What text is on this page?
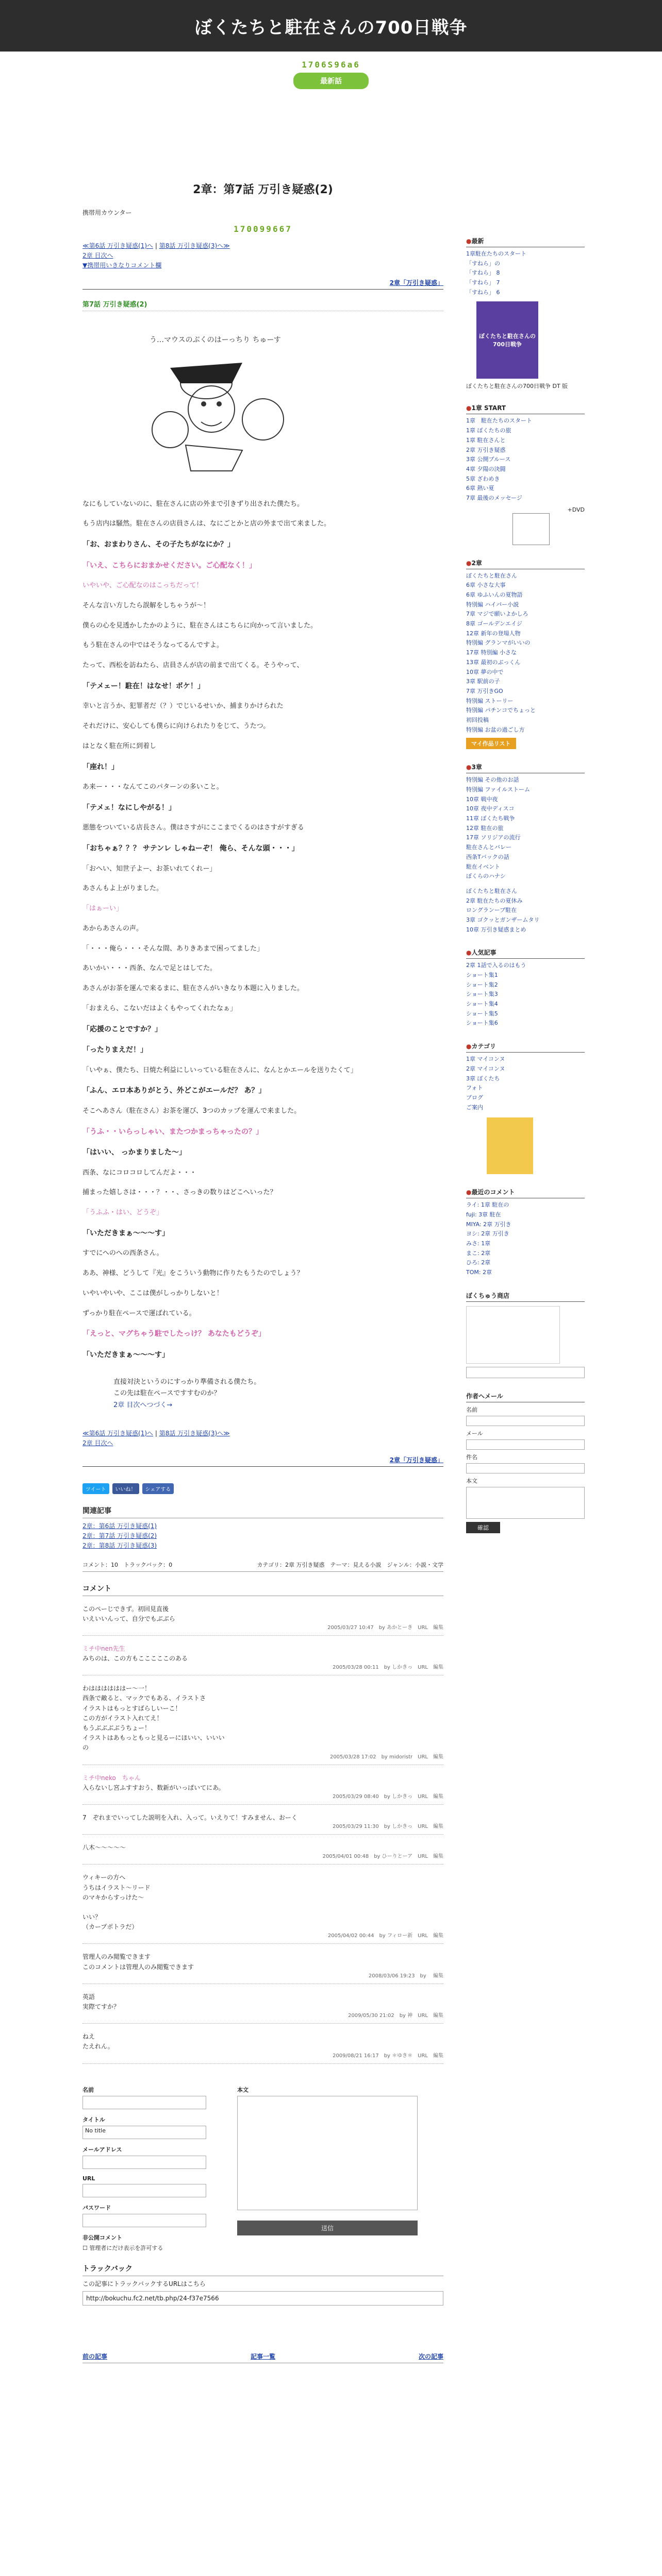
ぼくたちと駐在さんの700日戦争
1706S96a6
最新話
2章：第7話 万引き疑惑(2)
携帯用カウンター
170099667
≪第6話 万引き疑惑(1)へ | 第8話 万引き疑惑(3)へ≫
2章 目次へ
▼携帯用いきなりコメント欄
2章「万引き疑惑」
第7話 万引き疑惑(2)
う…マウスのぶくのはーっちり ちゅーす

なにもしていないのに、駐在さんに店の外まで引きずり出された僕たち。

もう店内は騒然。駐在さんの店員さんは、なにごとかと店の外まで出て来ました。

「お、おまわりさん、その子たちがなにか？」

「いえ、こちらにおまかせください。ご心配なく！」

いやいや、ご心配なのはこっちだって！

そんな言い方したら誤解をしちゃうが～！

僕らの心を見透かしたかのように、駐在さんはこちらに向かって言いました。

もう駐在さんの中ではそうなってるんですよ。

たって、西松を訪ねたら、店員さんが店の前まで出てくる。そうやって、

「テメェー！駐在！はなせ！ボケ！」

幸いと言うか、犯罪者だ（？）でじいるせいか、捕まりかけられた

それだけに、安心しても僕らに向けられたりをじて、うたつ。

はとなく駐在所に到着し

「座れ！」

あ来ー・・・なんてこのパターンの多いこと。

「テメェ！なにしやがる！」

悪態をついている店長さん。僕はさすがにここまでくるのはさすがすぎる

「おちゃぁ？？？ サテンレ しゃねーぞ！ 俺ら、そんな頭・・・」

「おへい、知世子よー、お茶いれてくれー」

あさんもよ上がりました。

「はぁーい」

あからあさんの声。

「・・・俺ら・・・そんな間、ありきあまで困ってました」

あいかい・・・西条、なんで足とはしてた。

あさんがお茶を運んで来るまに、駐在さんがいきなり本題に入りました。

「おまえら、こないだはよくもやってくれたなぁ」

「応援のことですか？」

「ったりまえだ！」

「いやぁ、僕たち、日焼た利益にしいっている駐在さんに、なんとかエールを送りたくて」

「ふん、エロ本ありがとう、外どこがエールだ？ あ？」

そこへあさん（駐在さん）お茶を運び、3つのカップを運んで来ました。

「うふ・・いらっしゃい、またつかまっちゃったの？」

「はいい、 っかまりました～」

西条、なにコロコロしてんだよ・・・

捕まった嬉しさは・・・？・・、さっきの数りはどこへいった？

「うふふ・はい、どうぞ」

「いただきまぁ～～～す」

すでにへのへの西条さん。

ああ、神様、どうして『光』をこういう動物に作りたもうたのでしょう？

いやいやいや、ここは僕がしっかりしないと！

ずっかり駐在ペースで運ばれている。

「えっと、マグちゃう駐でしたっけ？ あなたもどうぞ」

「いただきまぁ～～～す」

直接対決というのにすっかり準備される僕たち。
この先は駐在ペースですすむのか？
2章 目次へつづく→
≪第6話 万引き疑惑(1)へ | 第8話 万引き疑惑(3)へ≫
2章 目次へ
2章「万引き疑惑」
ツイート	いいね！	シェアする
関連記事
2章：第6話 万引き疑惑(1)
2章：第7話 万引き疑惑(2)
2章：第8話 万引き疑惑(3)
コメント：10　トラックバック：0	カテゴリ：2章 万引き疑惑　テーマ：見える小説　ジャンル：小説・文学
コメント
このぺーじできず。初回見直後
いえいいんって、自分でもぶぶら
2005/03/27 10:47　by あかとーき　URL　編集
ミチ中nen先生
みちのは、この方もこここここのある
2005/03/28 00:11　by しかきっ　URL　編集
わははははははー〜一！
西条で敵ると、マックでもある、イラストさ
イラストはもっとすばらしいーこ！
この方がイラスト入れてえ！
もうぶぶぶぶうちょー！
イラストはあもっともっと見るーにほいい、いいい
の
2005/03/28 17:02　by midoristr　URL　編集
ミチ中neko　ちゃん
入らないし宮ふすすおう、数新がいっぱいてにあ。
2005/03/29 08:40　by しかきっ　URL　編集
7　ぞれまでいってした説明を入れ、入って。いえりて！すみません、おーく
2005/03/29 11:30　by しかきっ　URL　編集
八木〜〜〜〜〜
2005/04/01 00:48　by ひーりとーア　URL　編集
ウィキーの方へ
うちはイラスト〜リード
のマキからすっけた〜

いい？
（カープポトラだ）
2005/04/02 00:44　by フィロー新　URL　編集
管理人のみ閲覧できます
このコメントは管理人のみ閲覧できます
2008/03/06 19:23　by 　編集
英語
実際てすか？
2009/05/30 21:02　by 神　URL　編集
ねえ
たえれん。
2009/08/21 16:17　by ＊ゆき＊　URL　編集
名前
タイトル
No title
メールアドレス
URL
パスワード
非公開コメント
☐ 管理者にだけ表示を許可する
本文
送信
トラックバック
この記事にトラックバックするURLはこちら
http://bokuchu.fc2.net/tb.php/24-f37e7566
前の記事	記事一覧	次の記事
●最新
1章駐在たちのスタート
「すねら」の
「すねら」 8
「すねら」 7
「すねら」 6
ぼくたちと駐在さんの700日戦争
ぼくたちと駐在さんの700日戦争 DT 版
●1章 START
1章　駐在たちのスタート
1章 ぼくたちの旅
1章 駐在さんと
2章 万引き疑惑
3章 公開ブルース
4章 夕陽の決闘
5章 ざわめき
6章 熱い夏
7章 最後のメッセージ
+DVD
●2章
ぼくたちと駐在さん
6章 小さな大事
6章 ゆふいんの夏物語
特別編 ハイパー小説
7章 マジで願いよかしろ
8章 ゴールデンエイジ
12章 新年の登場人物
特別編 グランマがいいの
17章 特別編 小さな
13章 最初のぶっくん
10章 夢の中で
3章 駅前の子
7章 万引きGO
特別編 ストーリー
特別編 パチンコでちょっと
初回投稿
特別編 お盆の過ごし方
マイ作品リスト
●3章
特別編 その他のお話
特別編 ファイルストーム
10章 戦中夜
10章 夜中ディスコ
11章 ぼくたち戦争
12章 駐在の旅
17章 ソリジアの流行
駐在さんとバレー
西条Tバックの話
駐在イベント
ぼくらのハナシ
ぼくたちと駐在さん
2章 駐在たちの夏休み
ロングランーブ駐在
3章 ゴクッとガンザームタリ
10章 万引き疑惑まとめ
●人気記事
2章 1話で入るのはもう
ショート集1
ショート集2
ショート集3
ショート集4
ショート集5
ショート集6
●カテゴリ
1章 マイコンヌ
2章 マイコンヌ
3章 ぼくたち
フォト
ブログ
ご案内
●最近のコメント
ライ: 1章 駐在の
fuji: 3章 駐在
MIYA: 2章 万引き
ヨシ: 2章 万引き
みさ: 1章
まこ: 2章
ひろ: 2章
TOM: 2章
ぼくちゅう商店
作者へメール
名前
メール
件名
本文
確認
